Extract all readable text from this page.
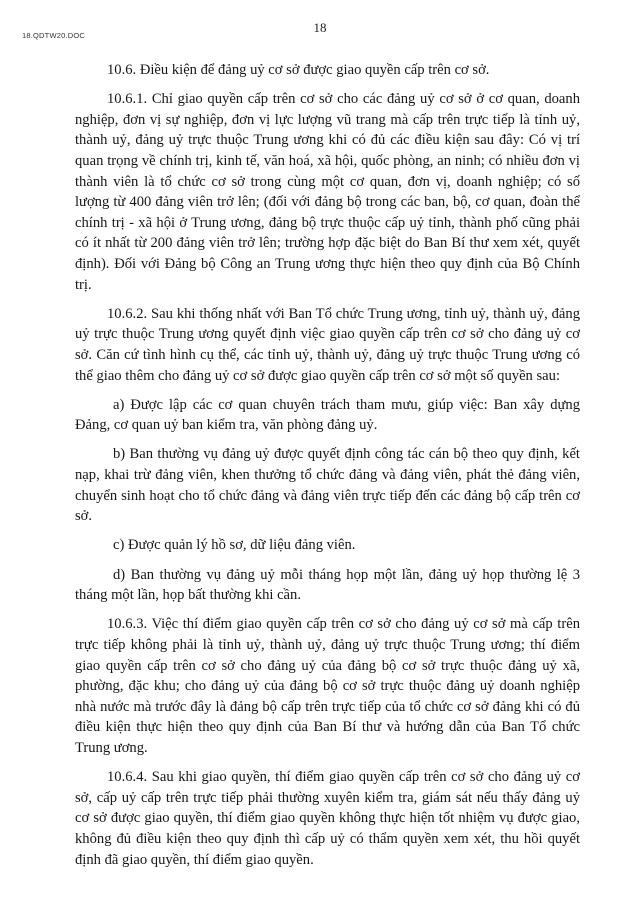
18.QDTW20.DOC
18

10.6. Điều kiện để đảng uỷ cơ sở được giao quyền cấp trên cơ sở.

10.6.1. Chỉ giao quyền cấp trên cơ sở cho các đảng uỷ cơ sở ở cơ quan, doanh nghiệp, đơn vị sự nghiệp, đơn vị lực lượng vũ trang mà cấp trên trực tiếp là tỉnh uỷ, thành uỷ, đảng uỷ trực thuộc Trung ương khi có đủ các điều kiện sau đây: Có vị trí quan trọng về chính trị, kinh tế, văn hoá, xã hội, quốc phòng, an ninh; có nhiều đơn vị thành viên là tổ chức cơ sở trong cùng một cơ quan, đơn vị, doanh nghiệp; có số lượng từ 400 đảng viên trở lên; (đối với đảng bộ trong các ban, bộ, cơ quan, đoàn thể chính trị - xã hội ở Trung ương, đảng bộ trực thuộc cấp uỷ tỉnh, thành phố cũng phải có ít nhất từ 200 đảng viên trở lên; trường hợp đặc biệt do Ban Bí thư xem xét, quyết định). Đối với Đảng bộ Công an Trung ương thực hiện theo quy định của Bộ Chính trị.

10.6.2. Sau khi thống nhất với Ban Tổ chức Trung ương, tỉnh uỷ, thành uỷ, đảng uỷ trực thuộc Trung ương quyết định việc giao quyền cấp trên cơ sở cho đảng uỷ cơ sở. Căn cứ tình hình cụ thể, các tỉnh uỷ, thành uỷ, đảng uỷ trực thuộc Trung ương có thể giao thêm cho đảng uỷ cơ sở được giao quyền cấp trên cơ sở một số quyền sau:

a) Được lập các cơ quan chuyên trách tham mưu, giúp việc: Ban xây dựng Đảng, cơ quan uỷ ban kiểm tra, văn phòng đảng uỷ.

b) Ban thường vụ đảng uỷ được quyết định công tác cán bộ theo quy định, kết nạp, khai trừ đảng viên, khen thưởng tổ chức đảng và đảng viên, phát thẻ đảng viên, chuyển sinh hoạt cho tổ chức đảng và đảng viên trực tiếp đến các đảng bộ cấp trên cơ sở.

c) Được quản lý hồ sơ, dữ liệu đảng viên.

d) Ban thường vụ đảng uỷ mỗi tháng họp một lần, đảng uỷ họp thường lệ 3 tháng một lần, họp bất thường khi cần.

10.6.3. Việc thí điểm giao quyền cấp trên cơ sở cho đảng uỷ cơ sở mà cấp trên trực tiếp không phải là tỉnh uỷ, thành uỷ, đảng uỷ trực thuộc Trung ương; thí điểm giao quyền cấp trên cơ sở cho đảng uỷ của đảng bộ cơ sở trực thuộc đảng uỷ xã, phường, đặc khu; cho đảng uỷ của đảng bộ cơ sở trực thuộc đảng uỷ doanh nghiệp nhà nước mà trước đây là đảng bộ cấp trên trực tiếp của tổ chức cơ sở đảng khi có đủ điều kiện thực hiện theo quy định của Ban Bí thư và hướng dẫn của Ban Tổ chức Trung ương.

10.6.4. Sau khi giao quyền, thí điểm giao quyền cấp trên cơ sở cho đảng uỷ cơ sở, cấp uỷ cấp trên trực tiếp phải thường xuyên kiểm tra, giám sát nếu thấy đảng uỷ cơ sở được giao quyền, thí điểm giao quyền không thực hiện tốt nhiệm vụ được giao, không đủ điều kiện theo quy định thì cấp uỷ có thẩm quyền xem xét, thu hồi quyết định đã giao quyền, thí điểm giao quyền.
